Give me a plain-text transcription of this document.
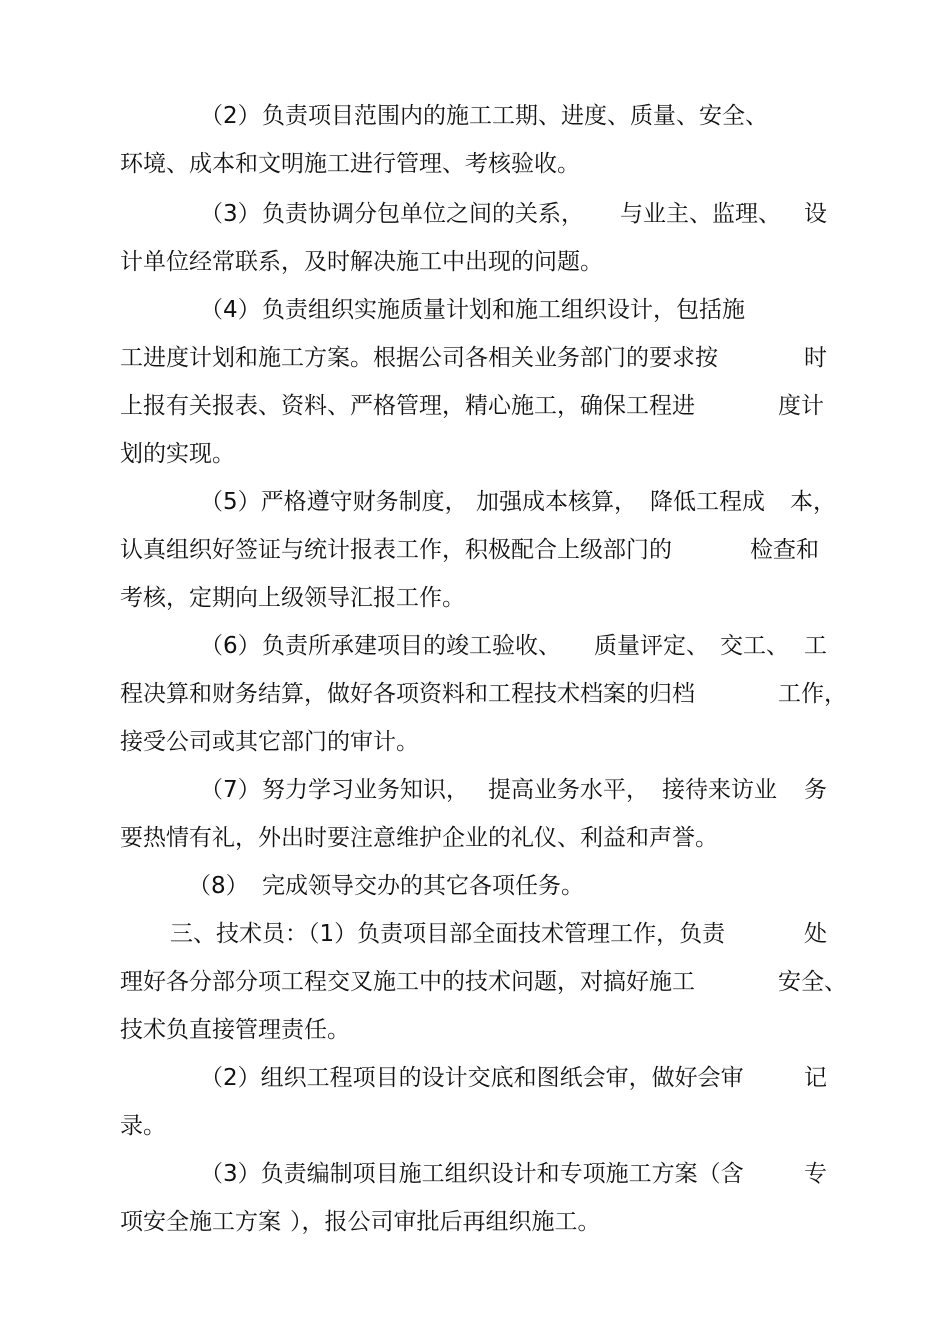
（2） 负责项目范围内的施工工期、进度、质量、安全、
环境、成本和文明施工进行管理、考核验收。
（3） 负责协调分包单位之间的关系， 与业主、监理、 设
计单位经常联系，及时解决施工中出现的问题。
（4） 负责组织实施质量计划和施工组织设计，包括施
工进度计划和施工方案。根据公司各相关业务部门的要求按	时
上报有关报表、资料、严格管理，精心施工，确保工程进	度计
划的实现。
（5）严格遵守财务制度， 加强成本核算， 降低工程成 本，
认真组织好签证与统计报表工作，积极配合上级部门的	检查和
考核，定期向上级领导汇报工作。
（6） 负责所承建项目的竣工验收、 质量评定、 交工、 工
程决算和财务结算，做好各项资料和工程技术档案的归档	工作，
接受公司或其它部门的审计。
（7） 努力学习业务知识， 提高业务水平， 接待来访业 务
要热情有礼，外出时要注意维护企业的礼仪、利益和声誉。
（8） 完成领导交办的其它各项任务。
三、技术员：（1）负责项目部全面技术管理工作，负责	处
理好各分部分项工程交叉施工中的技术问题，对搞好施工	安全、
技术负直接管理责任。
（2）组织工程项目的设计交底和图纸会审，做好会审	记
录。
（3）负责编制项目施工组织设计和专项施工方案（含	专
项安全施工方案 ），报公司审批后再组织施工。
